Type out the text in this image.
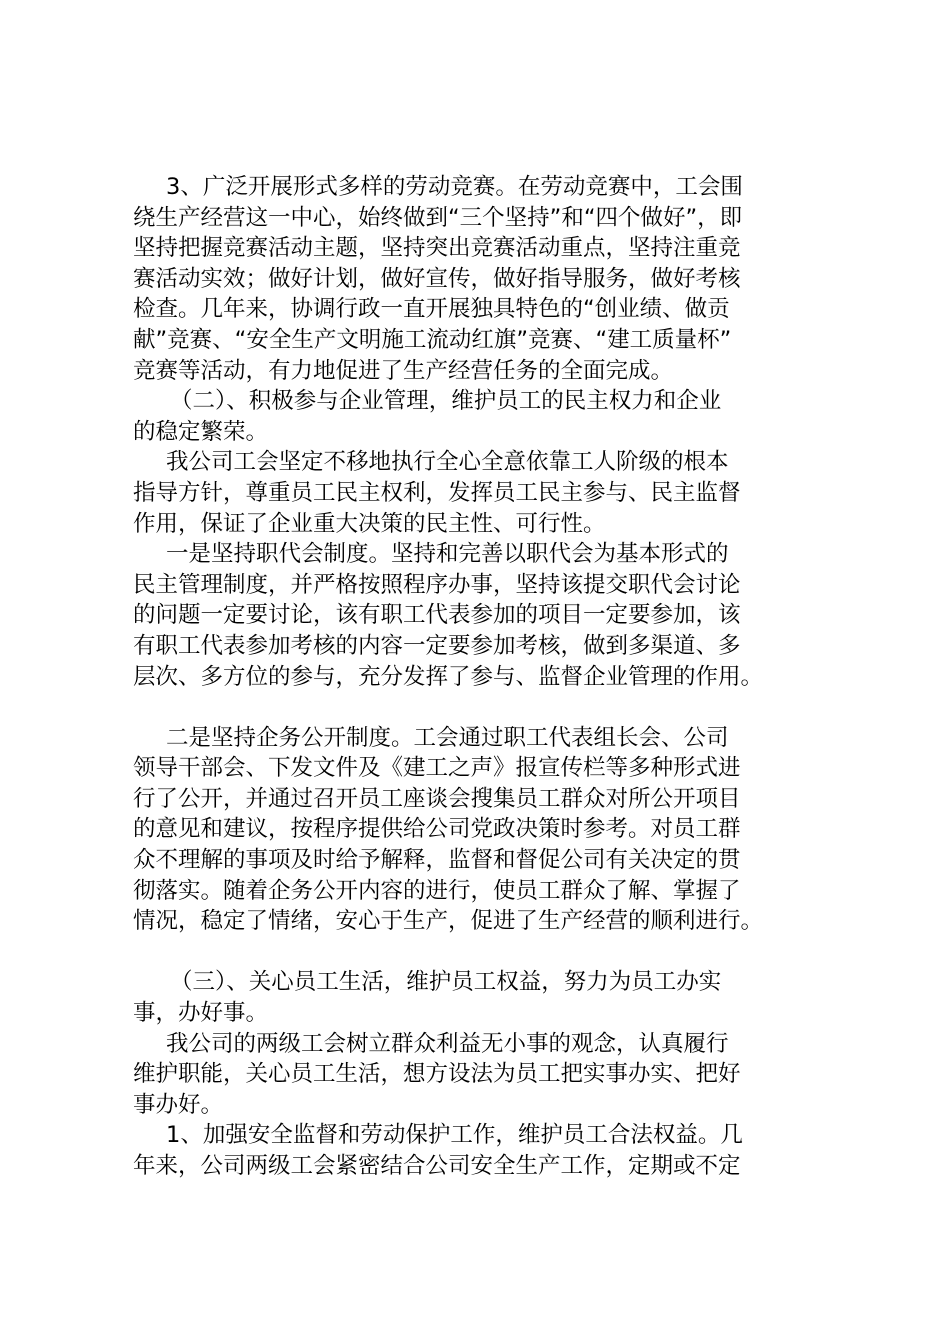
3、广泛开展形式多样的劳动竞赛。在劳动竞赛中，工会围
绕生产经营这一中心，始终做到“三个坚持”和“四个做好”，即
坚持把握竞赛活动主题，坚持突出竞赛活动重点，坚持注重竞
赛活动实效；做好计划，做好宣传，做好指导服务，做好考核
检查。几年来，协调行政一直开展独具特色的“创业绩、做贡
献”竞赛、“安全生产文明施工流动红旗”竞赛、“建工质量杯”
竞赛等活动，有力地促进了生产经营任务的全面完成。
（二）、积极参与企业管理，维护员工的民主权力和企业
的稳定繁荣。
我公司工会坚定不移地执行全心全意依靠工人阶级的根本
指导方针，尊重员工民主权利，发挥员工民主参与、民主监督
作用，保证了企业重大决策的民主性、可行性。
一是坚持职代会制度。坚持和完善以职代会为基本形式的
民主管理制度，并严格按照程序办事，坚持该提交职代会讨论
的问题一定要讨论，该有职工代表参加的项目一定要参加，该
有职工代表参加考核的内容一定要参加考核，做到多渠道、多
层次、多方位的参与，充分发挥了参与、监督企业管理的作用。
二是坚持企务公开制度。工会通过职工代表组长会、公司
领导干部会、下发文件及《建工之声》报宣传栏等多种形式进
行了公开，并通过召开员工座谈会搜集员工群众对所公开项目
的意见和建议，按程序提供给公司党政决策时参考。对员工群
众不理解的事项及时给予解释，监督和督促公司有关决定的贯
彻落实。随着企务公开内容的进行，使员工群众了解、掌握了
情况，稳定了情绪，安心于生产，促进了生产经营的顺利进行。
（三）、关心员工生活，维护员工权益，努力为员工办实
事，办好事。
我公司的两级工会树立群众利益无小事的观念，认真履行
维护职能，关心员工生活，想方设法为员工把实事办实、把好
事办好。
1、加强安全监督和劳动保护工作，维护员工合法权益。几
年来，公司两级工会紧密结合公司安全生产工作，定期或不定
